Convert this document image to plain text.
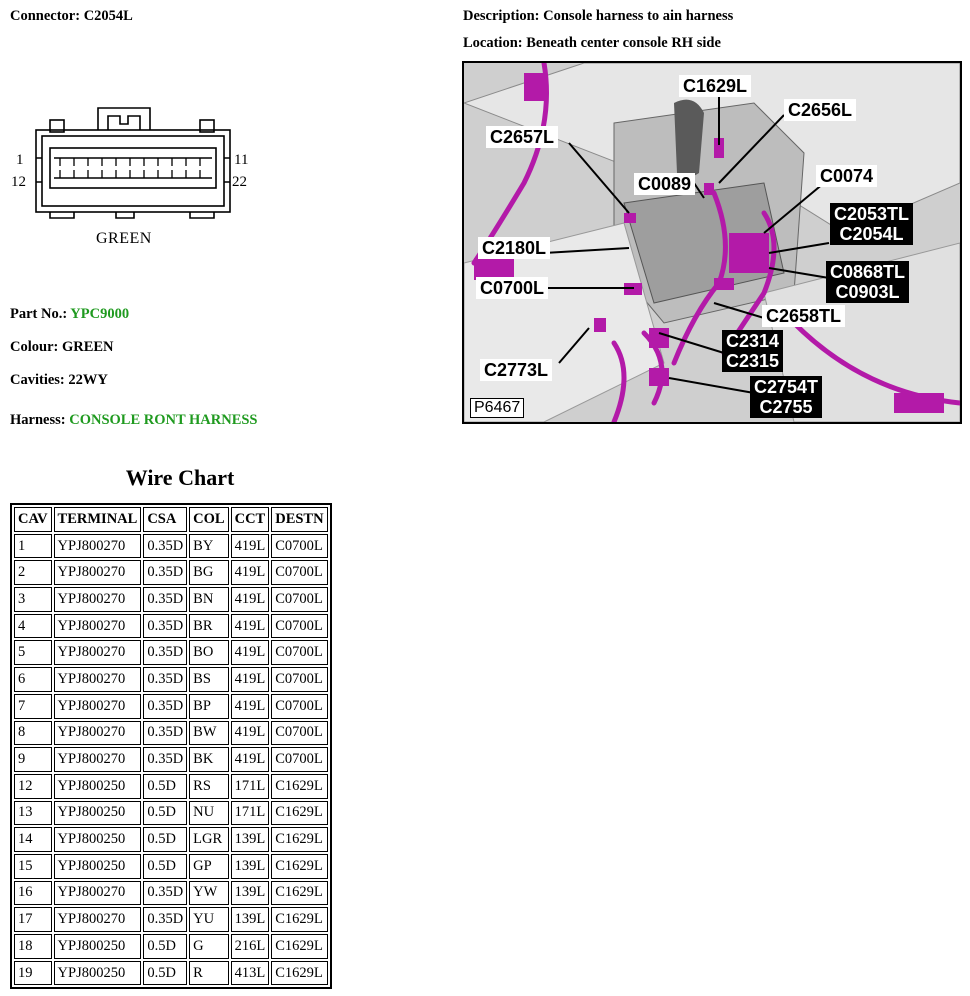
Connector: C2054L	Description: Console harness to ain harness
Location: Beneath center console RH side
1
12
11
22
GREEN
Part No.: YPC9000
Colour: GREEN
Cavities: 22WY
Harness: CONSOLE RONT HARNESS
C1629L
C2656L
C2657L
C0089	C0074
C2053TL
C2054L
C2180L
C0868TL
C0903L
C0700L
C2658TL
C2314
C2315
C2773L
C2754T
C2755
P6467
Wire Chart
CAV	TERMINAL	CSA	COL	CCT	DESTN
1	YPJ800270	0.35D	BY	419L	C0700L
2	YPJ800270	0.35D	BG	419L	C0700L
3	YPJ800270	0.35D	BN	419L	C0700L
4	YPJ800270	0.35D	BR	419L	C0700L
5	YPJ800270	0.35D	BO	419L	C0700L
6	YPJ800270	0.35D	BS	419L	C0700L
7	YPJ800270	0.35D	BP	419L	C0700L
8	YPJ800270	0.35D	BW	419L	C0700L
9	YPJ800270	0.35D	BK	419L	C0700L
12	YPJ800250	0.5D	RS	171L	C1629L
13	YPJ800250	0.5D	NU	171L	C1629L
14	YPJ800250	0.5D	LGR	139L	C1629L
15	YPJ800250	0.5D	GP	139L	C1629L
16	YPJ800270	0.35D	YW	139L	C1629L
17	YPJ800270	0.35D	YU	139L	C1629L
18	YPJ800250	0.5D	G	216L	C1629L
19	YPJ800250	0.5D	R	413L	C1629L
